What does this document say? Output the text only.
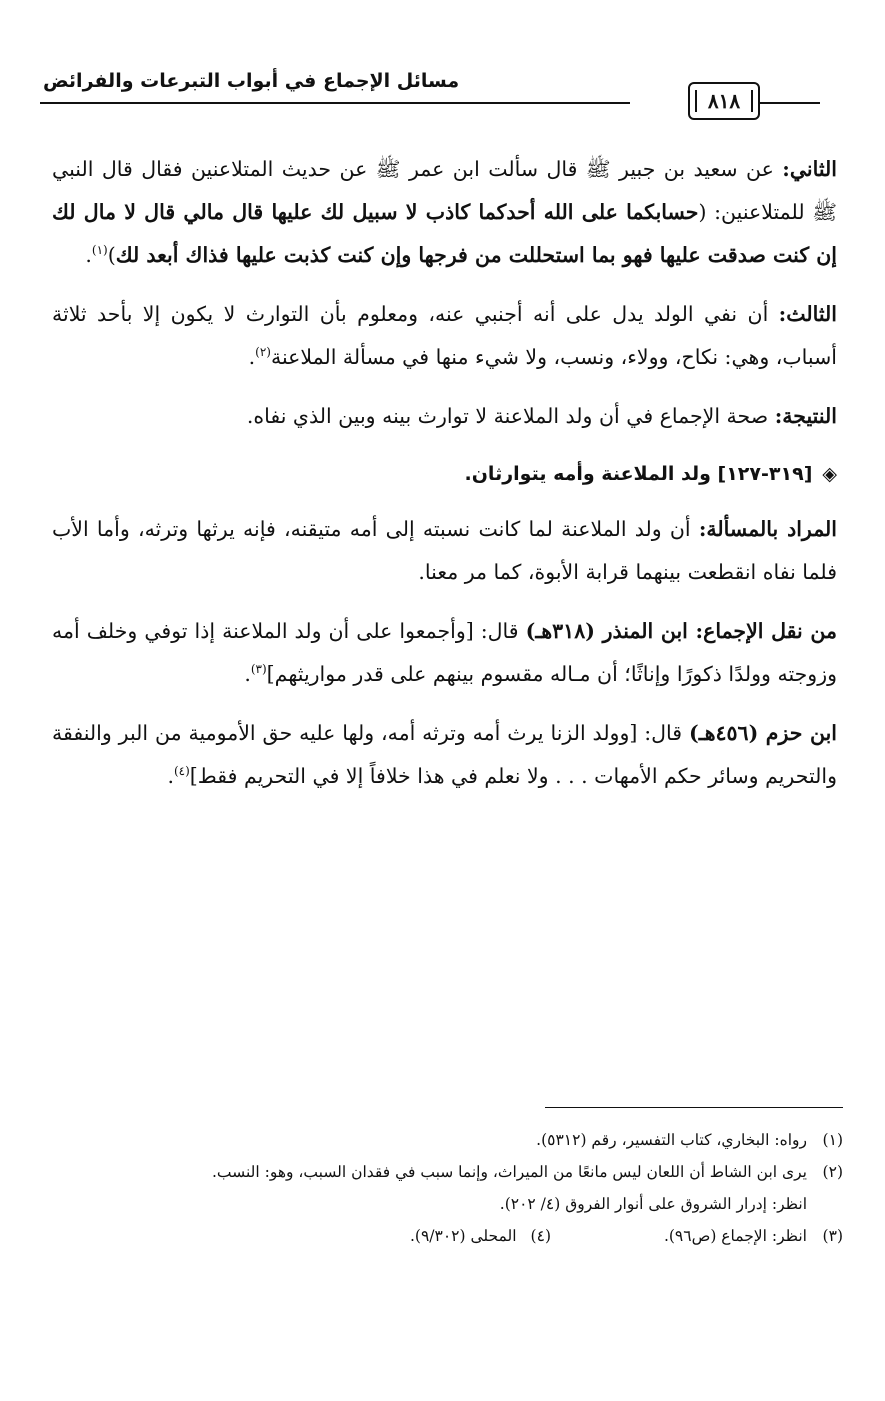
مسائل الإجماع في أبواب التبرعات والفرائض
٨١٨

الثاني: عن سعيد بن جبير ﷺ قال سألت ابن عمر ﷺ عن حديث المتلاعنين فقال قال النبي ﷺ للمتلاعنين: (حسابكما على الله أحدكما كاذب لا سبيل لك عليها قال مالي قال لا مال لك إن كنت صدقت عليها فهو بما استحللت من فرجها وإن كنت كذبت عليها فذاك أبعد لك)$^{(١)}$.

الثالث: أن نفي الولد يدل على أنه أجنبي عنه، ومعلوم بأن التوارث لا يكون إلا بأحد ثلاثة أسباب، وهي: نكاح، وولاء، ونسب، ولا شيء منها في مسألة الملاعنة$^{(٢)}$.

النتيجة: صحة الإجماع في أن ولد الملاعنة لا توارث بينه وبين الذي نفاه.

◈[٣١٩-١٢٧] ولد الملاعنة وأمه يتوارثان.

المراد بالمسألة: أن ولد الملاعنة لما كانت نسبته إلى أمه متيقنه، فإنه يرثها وترثه، وأما الأب فلما نفاه انقطعت بينهما قرابة الأبوة، كما مر معنا.

من نقل الإجماع: ابن المنذر (٣١٨هـ) قال: [وأجمعوا على أن ولد الملاعنة إذا توفي وخلف أمه وزوجته وولدًا ذكورًا وإناثًا؛ أن مـاله مقسوم بينهم على قدر مواريثهم]$^{(٣)}$.

ابن حزم (٤٥٦هـ) قال: [وولد الزنا يرث أمه وترثه أمه، ولها عليه حق الأمومية من البر والنفقة والتحريم وسائر حكم الأمهات . . . ولا نعلم في هذا خلافاً إلا في التحريم فقط]$^{(٤)}$.

(١)
رواه: البخاري، كتاب التفسير، رقم (٥٣١٢).

(٢)
يرى ابن الشاط أن اللعان ليس مانعًا من الميراث، وإنما سبب في فقدان السبب، وهو: النسب.

انظر: إدرار الشروق على أنوار الفروق (٤/ ٢٠٢).

(٣)
انظر: الإجماع (ص٩٦).
(٤)المحلى (٩/٣٠٢).
